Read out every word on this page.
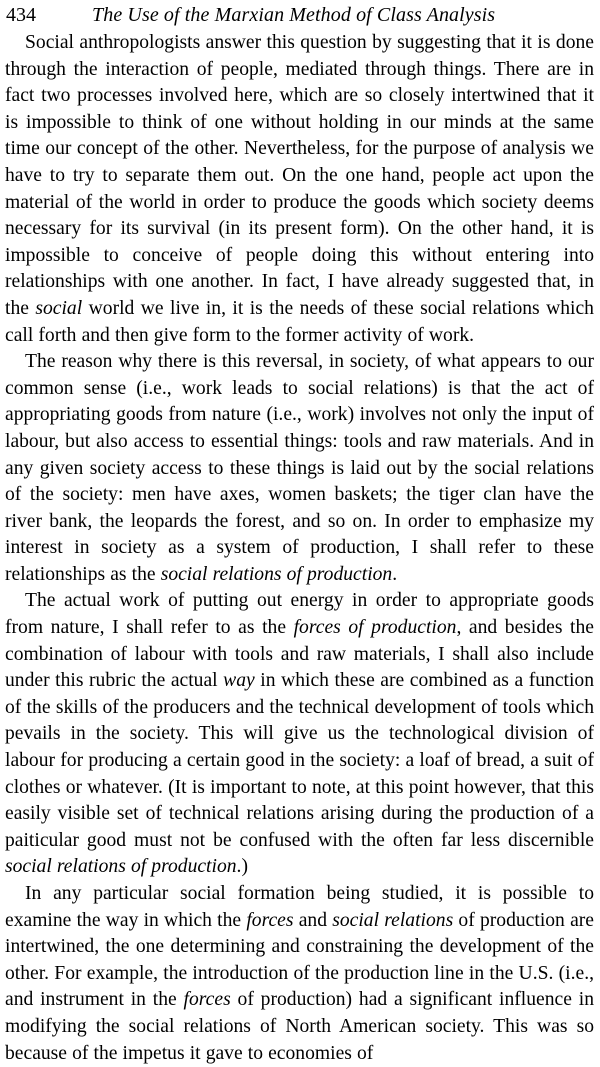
434	The Use of the Marxian Method of Class Analysis

Social anthropologists answer this question by suggesting that it is done through the interaction of people, mediated through things. There are in fact two processes involved here, which are so closely intertwined that it is impossible to think of one without holding in our minds at the same time our concept of the other. Nevertheless, for the purpose of analysis we have to try to separate them out. On the one hand, people act upon the material of the world in order to produce the goods which society deems necessary for its survival (in its present form). On the other hand, it is impossible to conceive of people doing this without entering into relationships with one another. In fact, I have already suggested that, in the social world we live in, it is the needs of these social relations which call forth and then give form to the former activity of work.

The reason why there is this reversal, in society, of what appears to our common sense (i.e., work leads to social relations) is that the act of appropriating goods from nature (i.e., work) involves not only the input of labour, but also access to essential things: tools and raw materials. And in any given society access to these things is laid out by the social relations of the society: men have axes, women baskets; the tiger clan have the river bank, the leopards the forest, and so on. In order to emphasize my interest in society as a system of production, I shall refer to these relationships as the social relations of production.

The actual work of putting out energy in order to appropriate goods from nature, I shall refer to as the forces of production, and besides the combination of labour with tools and raw materials, I shall also include under this rubric the actual way in which these are combined as a function of the skills of the producers and the technical development of tools which pevails in the society. This will give us the technological division of labour for producing a certain good in the society: a loaf of bread, a suit of clothes or whatever. (It is important to note, at this point however, that this easily visible set of technical relations arising during the production of a paiticular good must not be confused with the often far less discernible social relations of production.)

In any particular social formation being studied, it is possible to examine the way in which the forces and social relations of production are intertwined, the one determining and constraining the development of the other. For example, the introduction of the production line in the U.S. (i.e., and instrument in the forces of production) had a significant influence in modifying the social relations of North American society. This was so because of the impetus it gave to economies of
